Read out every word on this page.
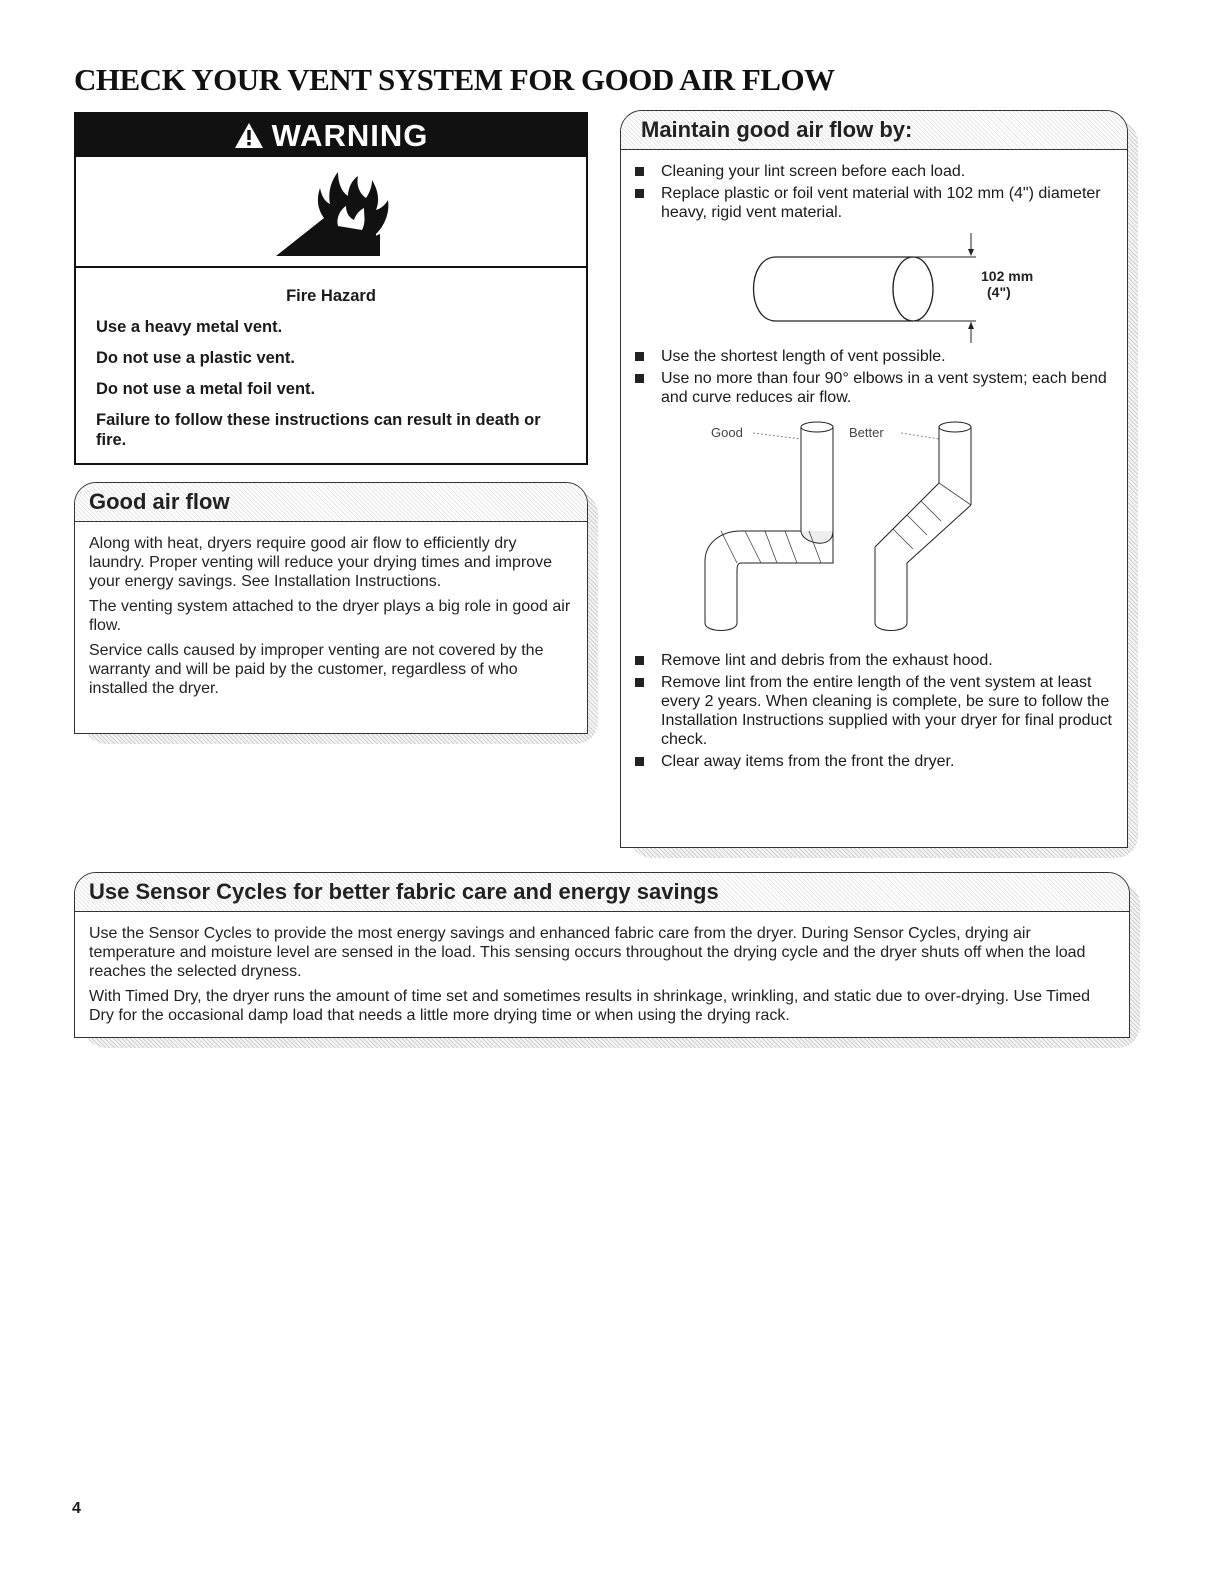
CHECK YOUR VENT SYSTEM FOR GOOD AIR FLOW
WARNING
Fire Hazard

Use a heavy metal vent.

Do not use a plastic vent.

Do not use a metal foil vent.

Failure to follow these instructions can result in death or fire.

Good air flow

Along with heat, dryers require good air flow to efficiently dry laundry. Proper venting will reduce your drying times and improve your energy savings. See Installation Instructions.

The venting system attached to the dryer plays a big role in good air flow.

Service calls caused by improper venting are not covered by the warranty and will be paid by the customer, regardless of who installed the dryer.

Maintain good air flow by:
Cleaning your lint screen before each load.
Replace plastic or foil vent material with 102 mm (4") diameter heavy, rigid vent material.
102 mm
(4")
Use the shortest length of vent possible.
Use no more than four 90° elbows in a vent system; each bend and curve reduces air flow.
Good	Better
Remove lint and debris from the exhaust hood.
Remove lint from the entire length of the vent system at least every 2 years. When cleaning is complete, be sure to follow the Installation Instructions supplied with your dryer for final product check.
Clear away items from the front the dryer.
Use Sensor Cycles for better fabric care and energy savings

Use the Sensor Cycles to provide the most energy savings and enhanced fabric care from the dryer. During Sensor Cycles, drying air temperature and moisture level are sensed in the load. This sensing occurs throughout the drying cycle and the dryer shuts off when the load reaches the selected dryness.

With Timed Dry, the dryer runs the amount of time set and sometimes results in shrinkage, wrinkling, and static due to over-drying. Use Timed Dry for the occasional damp load that needs a little more drying time or when using the drying rack.

4
